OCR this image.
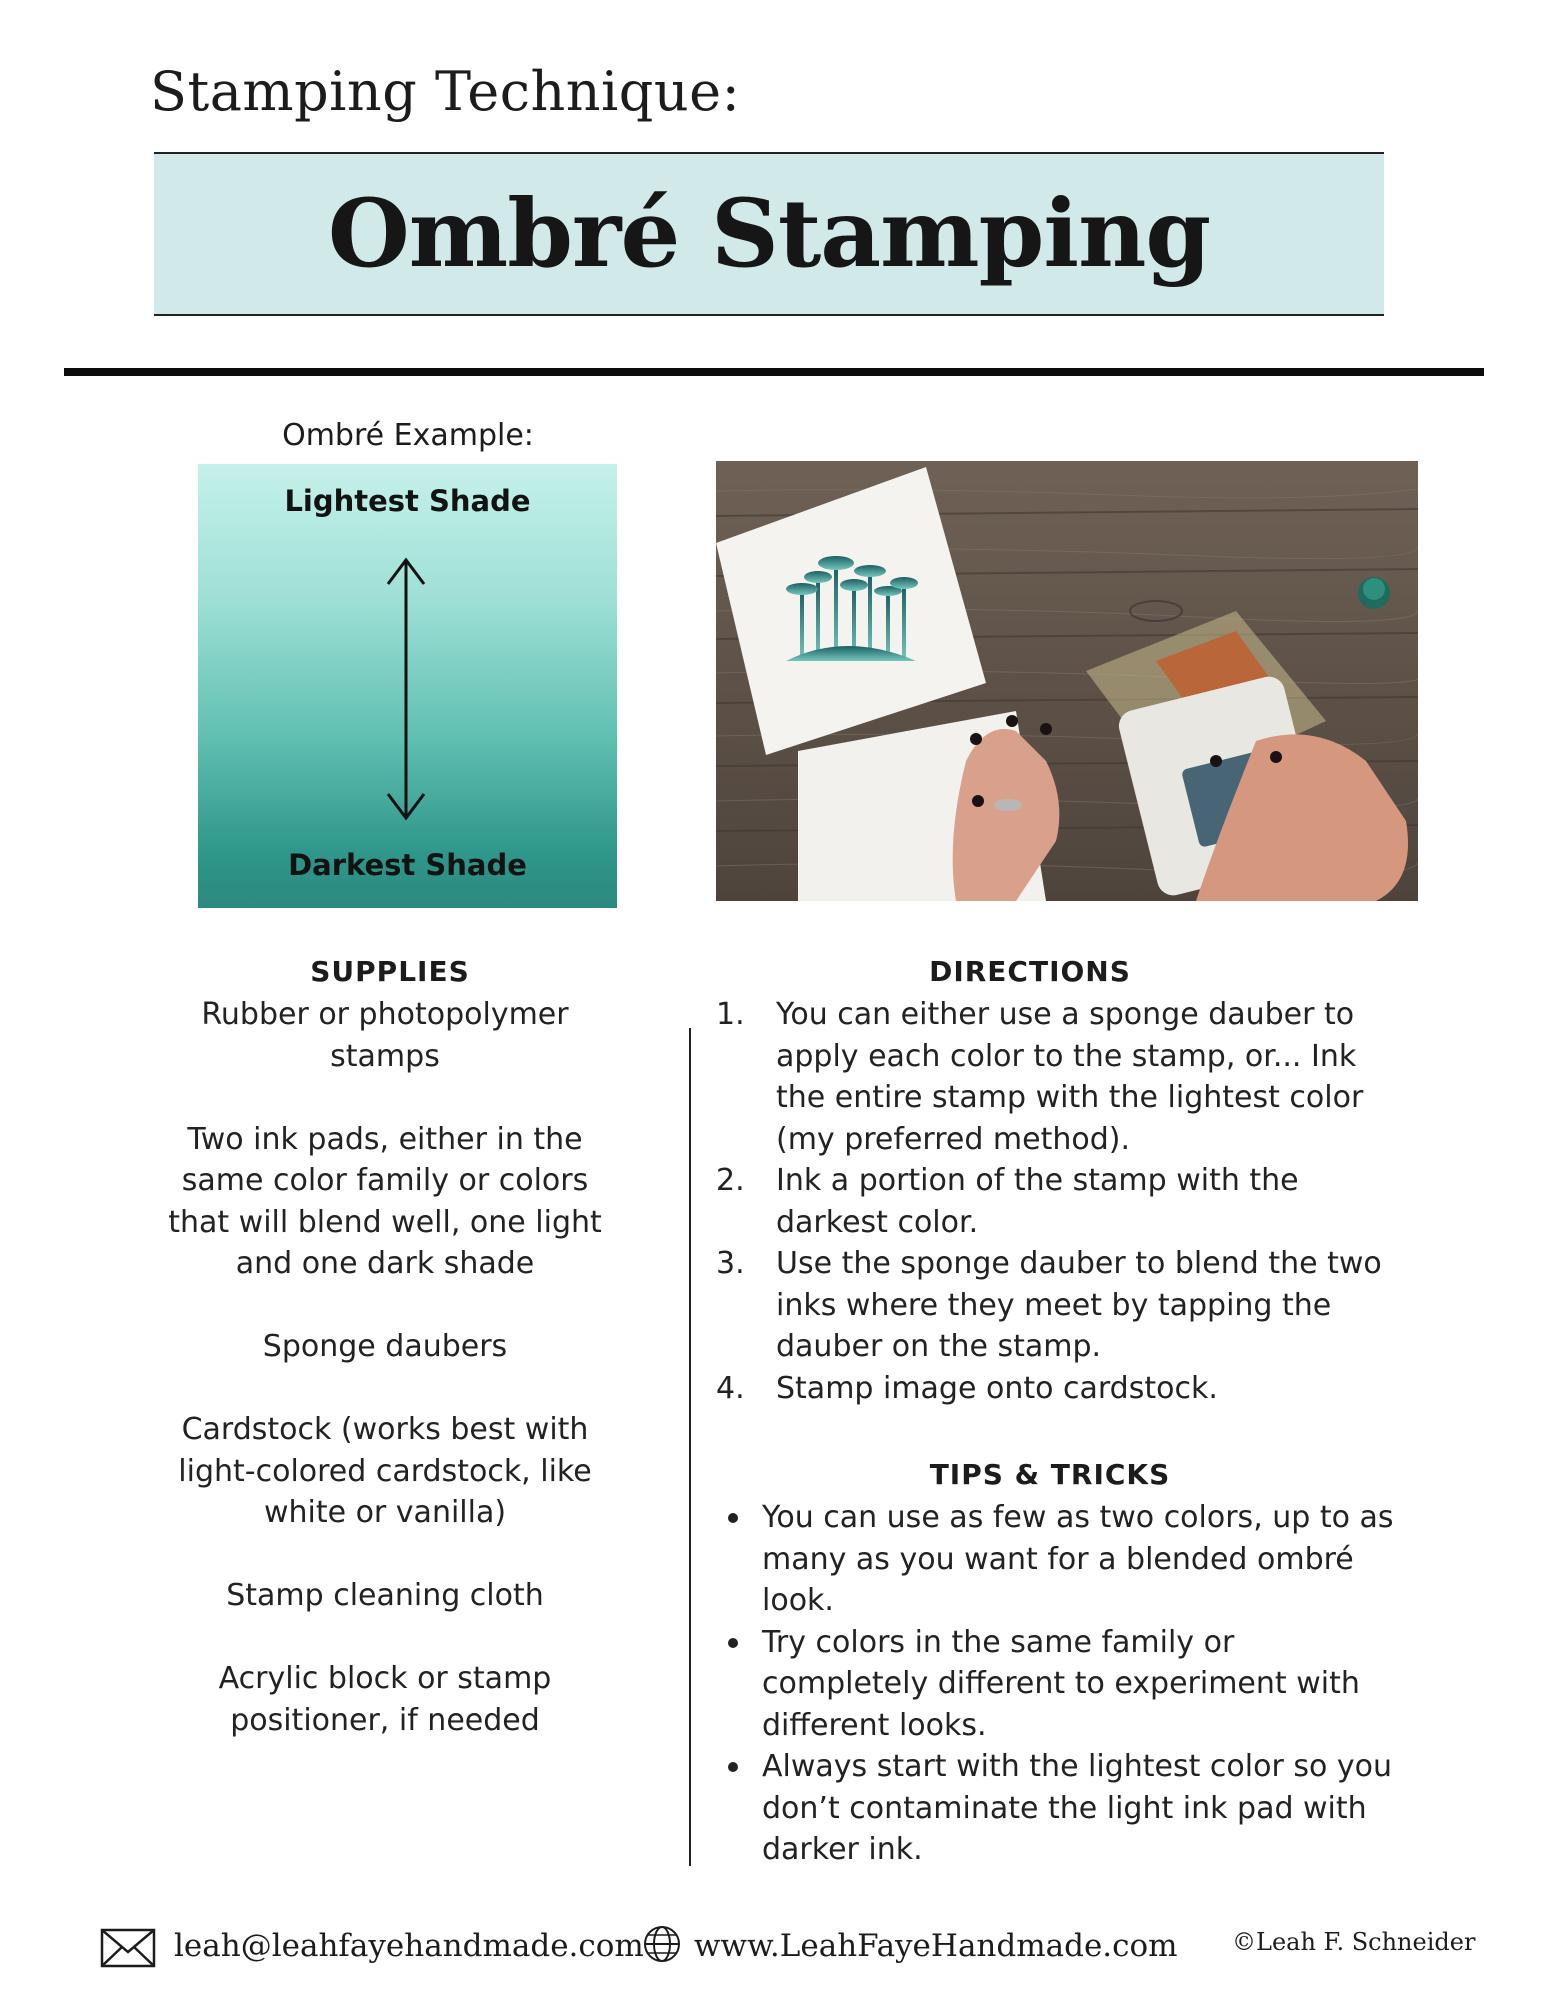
Stamping Technique:
Ombré Stamping
Ombré Example:
Lightest Shade
Darkest Shade
SUPPLIES

Rubber or photopolymer stamps

Two ink pads, either in the same color family or colors that will blend well, one light and one dark shade

Sponge daubers

Cardstock (works best with light-colored cardstock, like white or vanilla)

Stamp cleaning cloth

Acrylic block or stamp positioner, if needed

DIRECTIONS
1. You can either use a sponge dauber to apply each color to the stamp, or... Ink the entire stamp with the lightest color (my preferred method).
2. Ink a portion of the stamp with the darkest color.
3. Use the sponge dauber to blend the two inks where they meet by tapping the dauber on the stamp.
4. Stamp image onto cardstock.
TIPS & TRICKS
You can use as few as two colors, up to as many as you want for a blended ombré look.
Try colors in the same family or completely different to experiment with different looks.
Always start with the lightest color so you don’t contaminate the light ink pad with darker ink.
leah@leahfayehandmade.com www.LeahFayeHandmade.com ©Leah F. Schneider
